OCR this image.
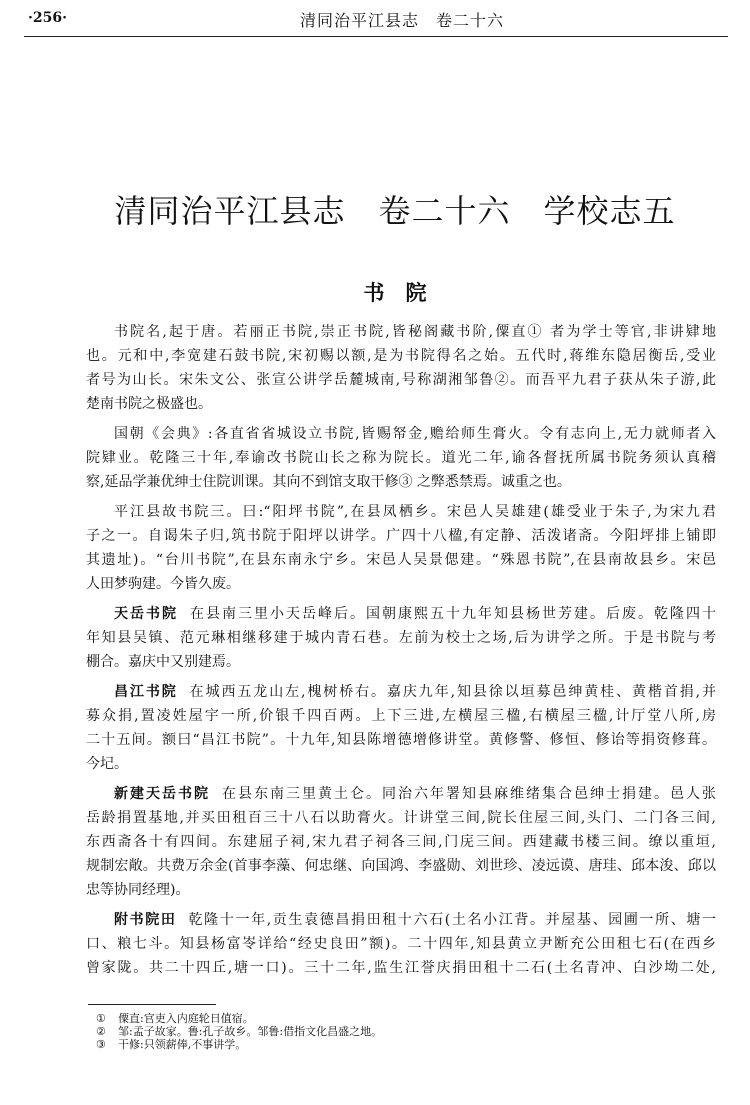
·256·	清同治平江县志　卷二十六
清同治平江县志　卷二十六　学校志五
书　院
书院名,起于唐。若丽正书院,崇正书院,皆秘阁藏书阶,僳直① 者为学士等官,非讲肄地
也。元和中,李宽建石鼓书院,宋初赐以额,是为书院得名之始。五代时,蒋维东隐居衡岳,受业
者号为山长。宋朱文公、张宣公讲学岳麓城南,号称湖湘邹鲁②。而吾平九君子获从朱子游,此
楚南书院之极盛也。
国朝《会典》:各直省省城设立书院,皆赐帑金,赡给师生膏火。令有志向上,无力就师者入
院肄业。乾隆三十年,奉谕改书院山长之称为院长。道光二年,谕各督抚所属书院务须认真稽
察,延品学兼优绅士住院训课。其向不到馆支取干修③ 之弊悉禁焉。诚重之也。
平江县故书院三。曰:“阳坪书院”,在县凤栖乡。宋邑人吴雄建(雄受业于朱子,为宋九君
子之一。自谒朱子归,筑书院于阳坪以讲学。广四十八楹,有定静、活泼诸斋。今阳坪排上铺即
其遗址)。“台川书院”,在县东南永宁乡。宋邑人吴景偲建。“殊恩书院”,在县南故县乡。宋邑
人田梦驹建。今皆久废。
天岳书院 在县南三里小天岳峰后。国朝康熙五十九年知县杨世芳建。后废。乾隆四十
年知县吴镇、范元琳相继移建于城内青石巷。左前为校士之场,后为讲学之所。于是书院与考
棚合。嘉庆中又别建焉。
昌江书院 在城西五龙山左,槐树桥右。嘉庆九年,知县徐以垣募邑绅黄桂、黄楷首捐,并
募众捐,置凌姓屋宇一所,价银千四百两。上下三进,左横屋三楹,右横屋三楹,计厅堂八所,房
二十五间。额曰“昌江书院”。十九年,知县陈增德增修讲堂。黄修警、修恒、修诒等捐资修葺。
今圮。
新建天岳书院 在县东南三里黄土仑。同治六年署知县麻维绪集合邑绅士捐建。邑人张
岳龄捐置基地,并买田租百三十八石以助膏火。计讲堂三间,院长住屋三间,头门、二门各三间,
东西斋各十有四间。东建屈子祠,宋九君子祠各三间,门庑三间。西建藏书楼三间。缭以重垣,
规制宏敞。共费万余金(首事李藻、何忠继、向国鸿、李盛勋、刘世珍、凌远谟、唐珪、邱本浚、邱以
忠等协同经理)。
附书院田 乾隆十一年,贡生袁德昌捐田租十六石(土名小江背。并屋基、园圃一所、塘一
口、粮七斗。知县杨富岺详给“经史良田”额)。二十四年,知县黄立尹断充公田租七石(在西乡
曾家陇。共二十四丘,塘一口)。三十二年,监生江誉庆捐田租十二石(土名青冲、白沙坳二处,
① 僳直:官吏入内庭轮日值宿。
② 邹:孟子故家。鲁:孔子故乡。邹鲁:借指文化昌盛之地。
③ 干修:只领薪俸,不事讲学。
